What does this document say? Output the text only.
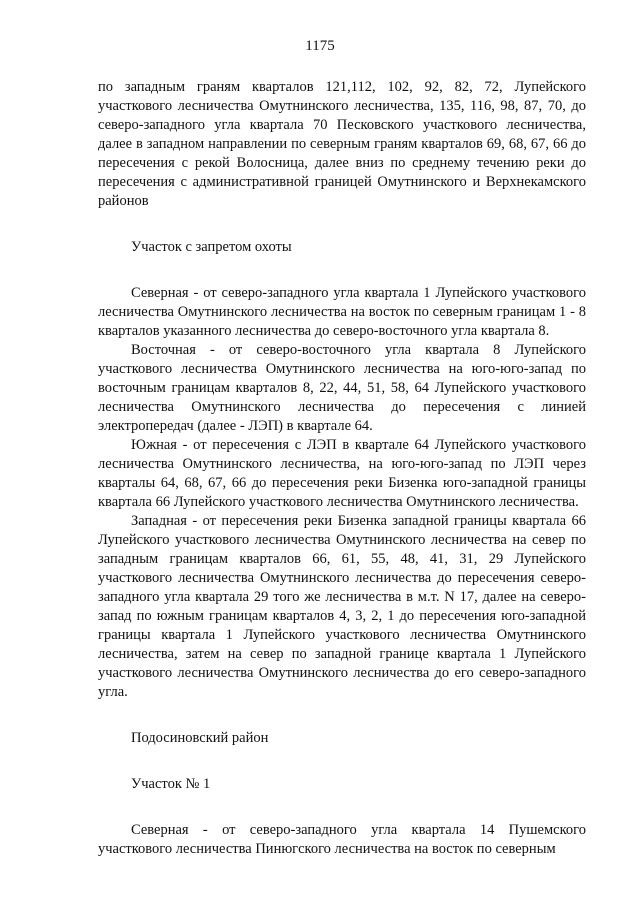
1175

по западным граням кварталов 121,112, 102, 92, 82, 72, Лупейского участкового лесничества Омутнинского лесничества, 135, 116, 98, 87, 70, до северо-западного угла квартала 70 Песковского участкового лесничества, далее в западном направлении по северным граням кварталов 69, 68, 67, 66 до пересечения с рекой Волосница, далее вниз по среднему течению реки до пересечения с административной границей Омутнинского и Верхнекамского районов

Участок с запретом охоты

Северная - от северо-западного угла квартала 1 Лупейского участкового лесничества Омутнинского лесничества на восток по северным границам 1 - 8 кварталов указанного лесничества до северо-восточного угла квартала 8.

Восточная - от северо-восточного угла квартала 8 Лупейского участкового лесничества Омутнинского лесничества на юго-юго-запад по восточным границам кварталов 8, 22, 44, 51, 58, 64 Лупейского участкового лесничества Омутнинского лесничества до пересечения с линией электропередач (далее - ЛЭП) в квартале 64.

Южная - от пересечения с ЛЭП в квартале 64 Лупейского участкового лесничества Омутнинского лесничества, на юго-юго-запад по ЛЭП через кварталы 64, 68, 67, 66 до пересечения реки Бизенка юго-западной границы квартала 66 Лупейского участкового лесничества Омутнинского лесничества.

Западная - от пересечения реки Бизенка западной границы квартала 66 Лупейского участкового лесничества Омутнинского лесничества на север по западным границам кварталов 66, 61, 55, 48, 41, 31, 29 Лупейского участкового лесничества Омутнинского лесничества до пересечения северо-западного угла квартала 29 того же лесничества в м.т. N 17, далее на северо-запад по южным границам кварталов 4, 3, 2, 1 до пересечения юго-западной границы квартала 1 Лупейского участкового лесничества Омутнинского лесничества, затем на север по западной границе квартала 1 Лупейского участкового лесничества Омутнинского лесничества до его северо-западного угла.

Подосиновский район

Участок № 1

Северная - от северо-западного угла квартала 14 Пушемского участкового лесничества Пинюгского лесничества на восток по северным
